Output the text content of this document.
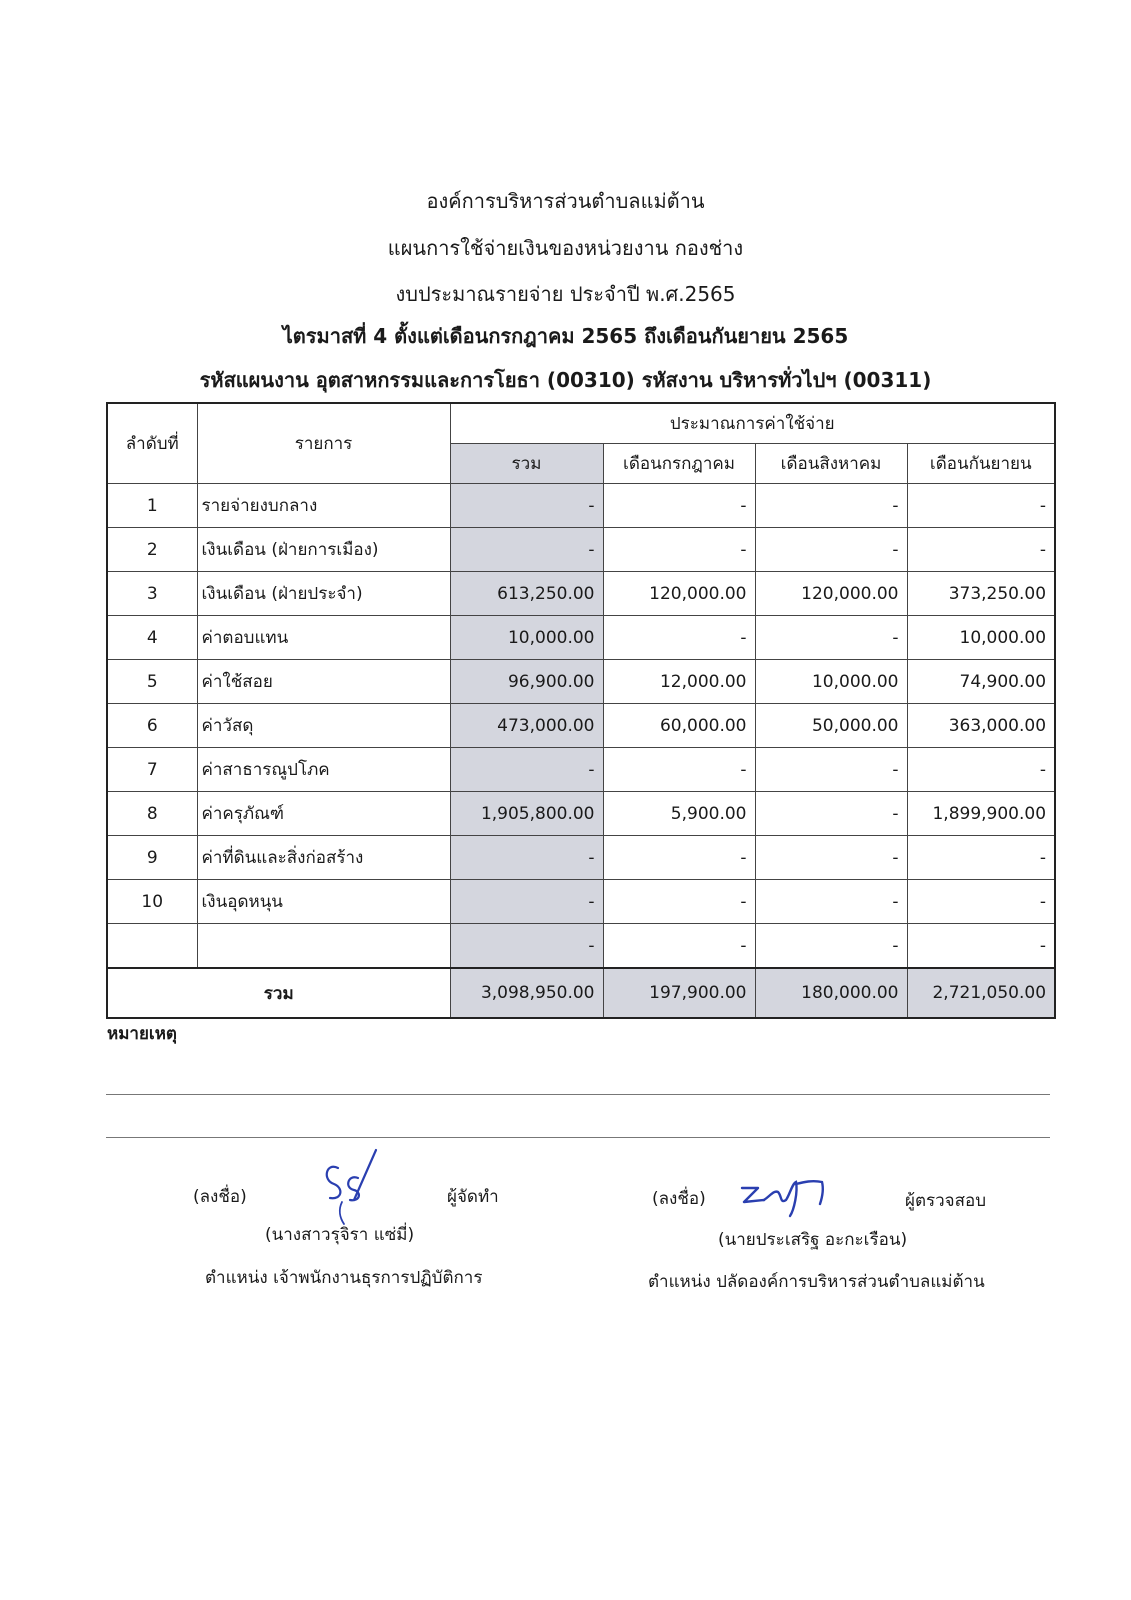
องค์การบริหารส่วนตำบลแม่ต้าน
แผนการใช้จ่ายเงินของหน่วยงาน กองช่าง
งบประมาณรายจ่าย ประจำปี พ.ศ.2565
ไตรมาสที่ 4 ตั้งแต่เดือนกรกฎาคม 2565 ถึงเดือนกันยายน 2565
รหัสแผนงาน อุตสาหกรรมและการโยธา (00310) รหัสงาน บริหารทั่วไปฯ (00311)
ลำดับที่	รายการ	ประมาณการค่าใช้จ่าย			
		รวม	เดือนกรกฎาคม	เดือนสิงหาคม	เดือนกันยายน
1	รายจ่ายงบกลาง	-	-	-	-
2	เงินเดือน (ฝ่ายการเมือง)	-	-	-	-
3	เงินเดือน (ฝ่ายประจำ)	613,250.00	120,000.00	120,000.00	373,250.00
4	ค่าตอบแทน	10,000.00	-	-	10,000.00
5	ค่าใช้สอย	96,900.00	12,000.00	10,000.00	74,900.00
6	ค่าวัสดุ	473,000.00	60,000.00	50,000.00	363,000.00
7	ค่าสาธารณูปโภค	-	-	-	-
8	ค่าครุภัณฑ์	1,905,800.00	5,900.00	-	1,899,900.00
9	ค่าที่ดินและสิ่งก่อสร้าง	-	-	-	-
10	เงินอุดหนุน	-	-	-	-
		-	-	-	-
รวม		3,098,950.00	197,900.00	180,000.00	2,721,050.00
หมายเหตุ
(ลงชื่อ)	ผู้จัดทำ
(นางสาวรุจิรา แซ่มี่)
ตำแหน่ง เจ้าพนักงานธุรการปฏิบัติการ
(ลงชื่อ)	ผู้ตรวจสอบ
(นายประเสริฐ อะกะเรือน)
ตำแหน่ง ปลัดองค์การบริหารส่วนตำบลแม่ต้าน
